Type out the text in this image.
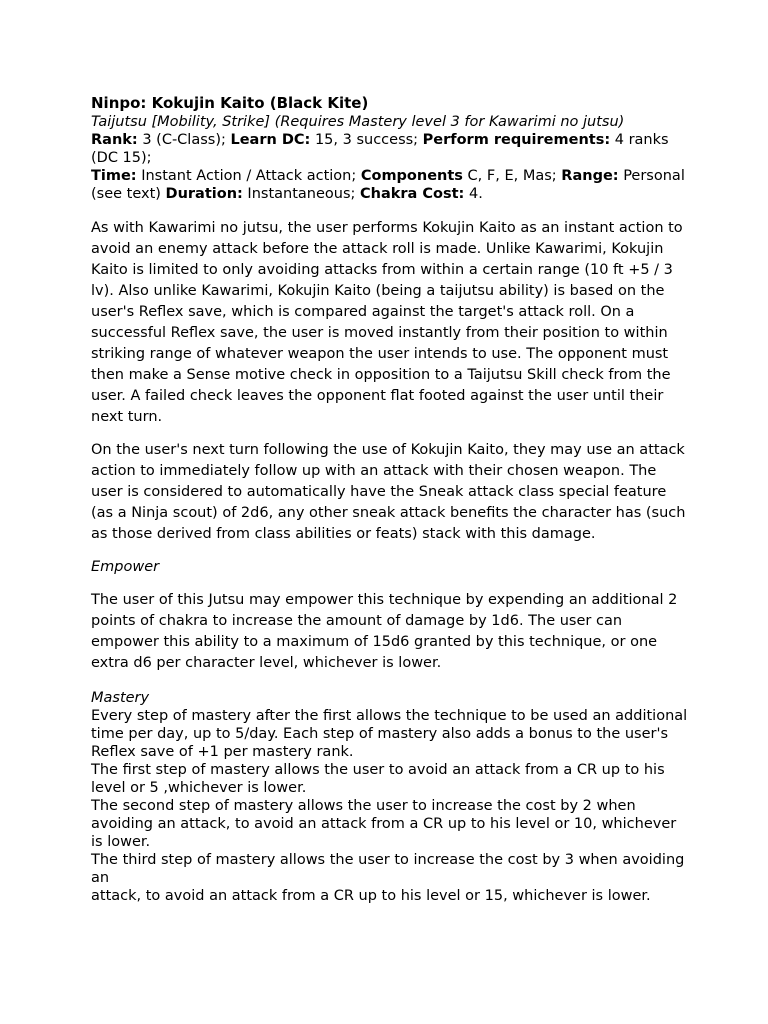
Ninpo: Kokujin Kaito (Black Kite)

Taijutsu [Mobility, Strike] (Requires Mastery level 3 for Kawarimi no jutsu)

Rank: 3 (C-Class); Learn DC: 15, 3 success; Perform requirements: 4 ranks (DC 15);

Time: Instant Action / Attack action; Components C, F, E, Mas; Range: Personal (see text) Duration: Instantaneous; Chakra Cost: 4.

As with Kawarimi no jutsu, the user performs Kokujin Kaito as an instant action to avoid an enemy attack before the attack roll is made. Unlike Kawarimi, Kokujin Kaito is limited to only avoiding attacks from within a certain range (10 ft +5 / 3 lv). Also unlike Kawarimi, Kokujin Kaito (being a taijutsu ability) is based on the user's Reflex save, which is compared against the target's attack roll. On a successful Reflex save, the user is moved instantly from their position to within striking range of whatever weapon the user intends to use. The opponent must then make a Sense motive check in opposition to a Taijutsu Skill check from the user. A failed check leaves the opponent flat footed against the user until their next turn.

On the user's next turn following the use of Kokujin Kaito, they may use an attack action to immediately follow up with an attack with their chosen weapon. The user is considered to automatically have the Sneak attack class special feature (as a Ninja scout) of 2d6, any other sneak attack benefits the character has (such as those derived from class abilities or feats) stack with this damage.

Empower

The user of this Jutsu may empower this technique by expending an additional 2 points of chakra to increase the amount of damage by 1d6. The user can empower this ability to a maximum of 15d6 granted by this technique, or one extra d6 per character level, whichever is lower.

Mastery

Every step of mastery after the first allows the technique to be used an additional time per day, up to 5/day. Each step of mastery also adds a bonus to the user's Reflex save of +1 per mastery rank.

The first step of mastery allows the user to avoid an attack from a CR up to his level or 5 ,whichever is lower.

The second step of mastery allows the user to increase the cost by 2 when avoiding an attack, to avoid an attack from a CR up to his level or 10, whichever is lower.

The third step of mastery allows the user to increase the cost by 3 when avoiding an

attack, to avoid an attack from a CR up to his level or 15, whichever is lower.
